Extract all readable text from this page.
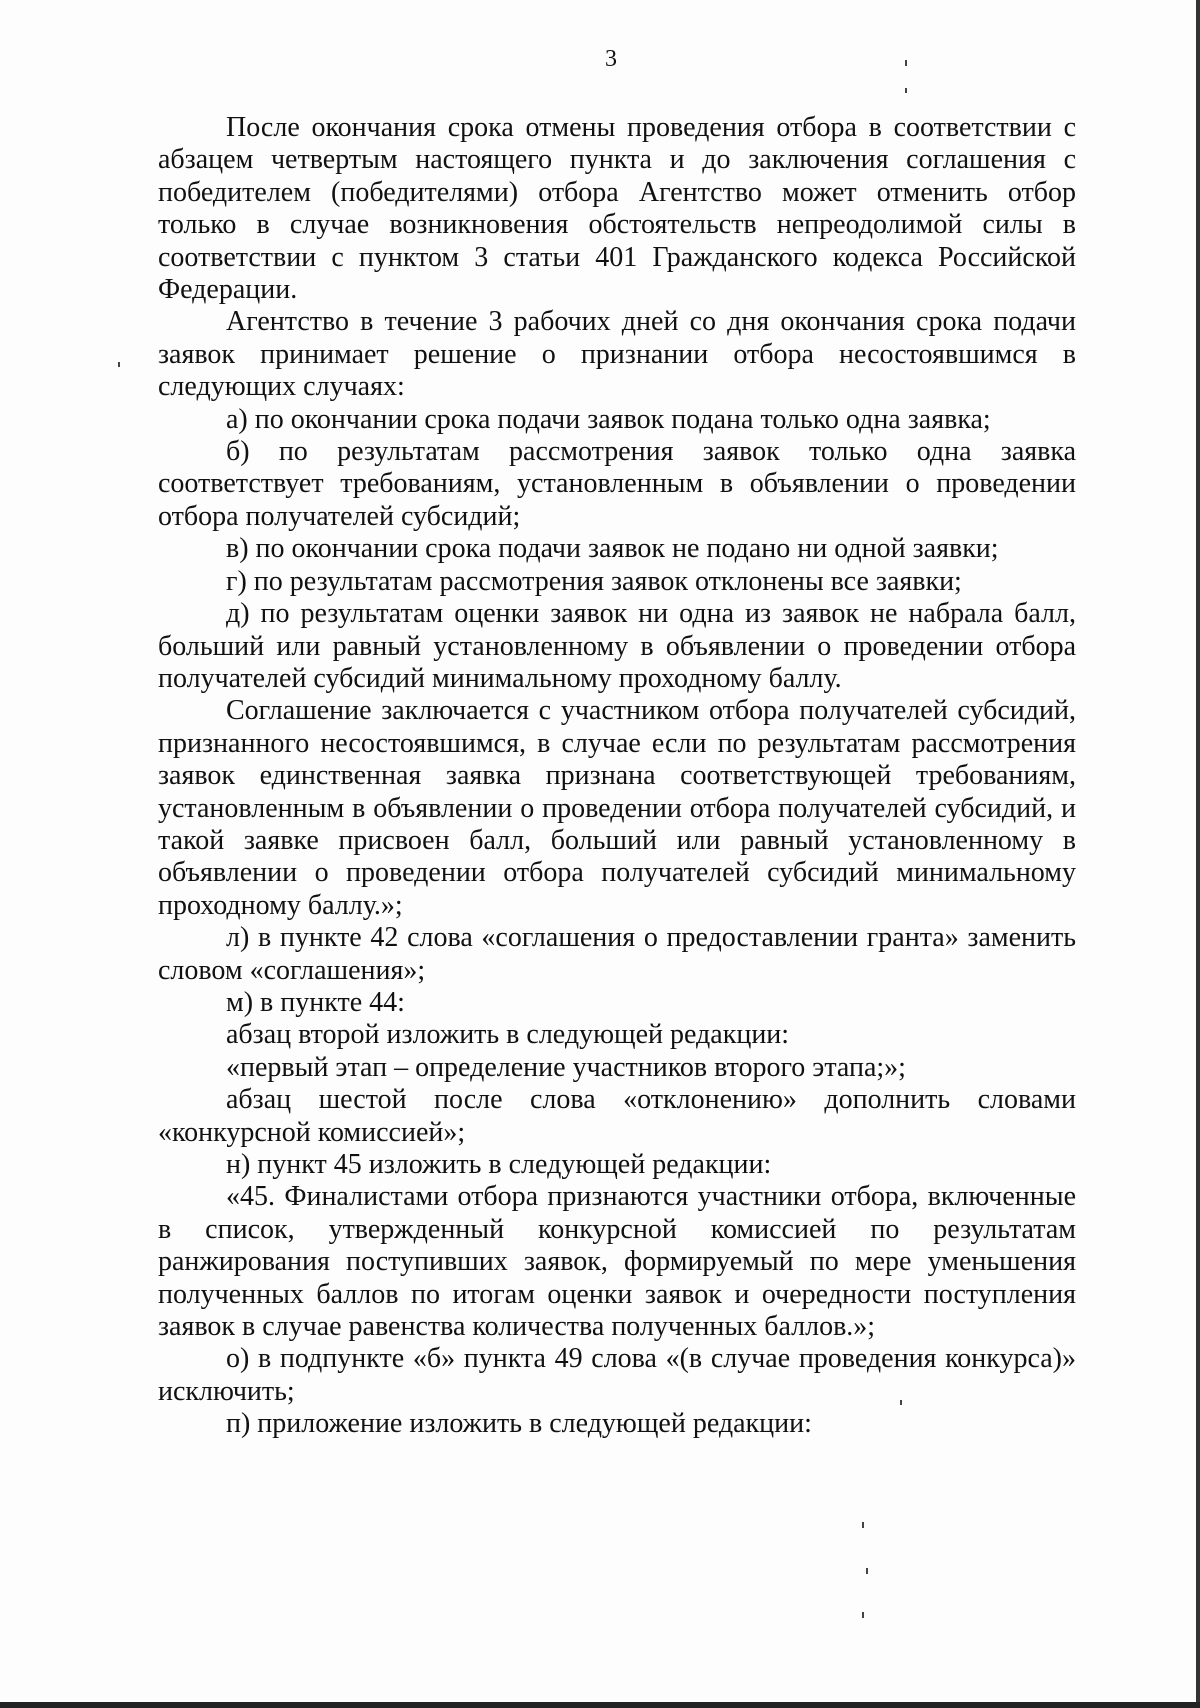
3

После окончания срока отмены проведения отбора в соответствии с абзацем четвертым настоящего пункта и до заключения соглашения с победителем (победителями) отбора Агентство может отменить отбор только в случае возникновения обстоятельств непреодолимой силы в соответствии с пунктом 3 статьи 401 Гражданского кодекса Российской Федерации.

Агентство в течение 3 рабочих дней со дня окончания срока подачи заявок принимает решение о признании отбора несостоявшимся в следующих случаях:

а) по окончании срока подачи заявок подана только одна заявка;

б) по результатам рассмотрения заявок только одна заявка соответствует требованиям, установленным в объявлении о проведении отбора получателей субсидий;

в) по окончании срока подачи заявок не подано ни одной заявки;

г) по результатам рассмотрения заявок отклонены все заявки;

д) по результатам оценки заявок ни одна из заявок не набрала балл, больший или равный установленному в объявлении о проведении отбора получателей субсидий минимальному проходному баллу.

Соглашение заключается с участником отбора получателей субсидий, признанного несостоявшимся, в случае если по результатам рассмотрения заявок единственная заявка признана соответствующей требованиям, установленным в объявлении о проведении отбора получателей субсидий, и такой заявке присвоен балл, больший или равный установленному в объявлении о проведении отбора получателей субсидий минимальному проходному баллу.»;

л) в пункте 42 слова «соглашения о предоставлении гранта» заменить словом «соглашения»;

м) в пункте 44:

абзац второй изложить в следующей редакции:

«первый этап – определение участников второго этапа;»;

абзац шестой после слова «отклонению» дополнить словами «конкурсной комиссией»;

н) пункт 45 изложить в следующей редакции:

«45. Финалистами отбора признаются участники отбора, включенные в список, утвержденный конкурсной комиссией по результатам ранжирования поступивших заявок, формируемый по мере уменьшения полученных баллов по итогам оценки заявок и очередности поступления заявок в случае равенства количества полученных баллов.»;

о) в подпункте «б» пункта 49 слова «(в случае проведения конкурса)» исключить;

п) приложение изложить в следующей редакции:
